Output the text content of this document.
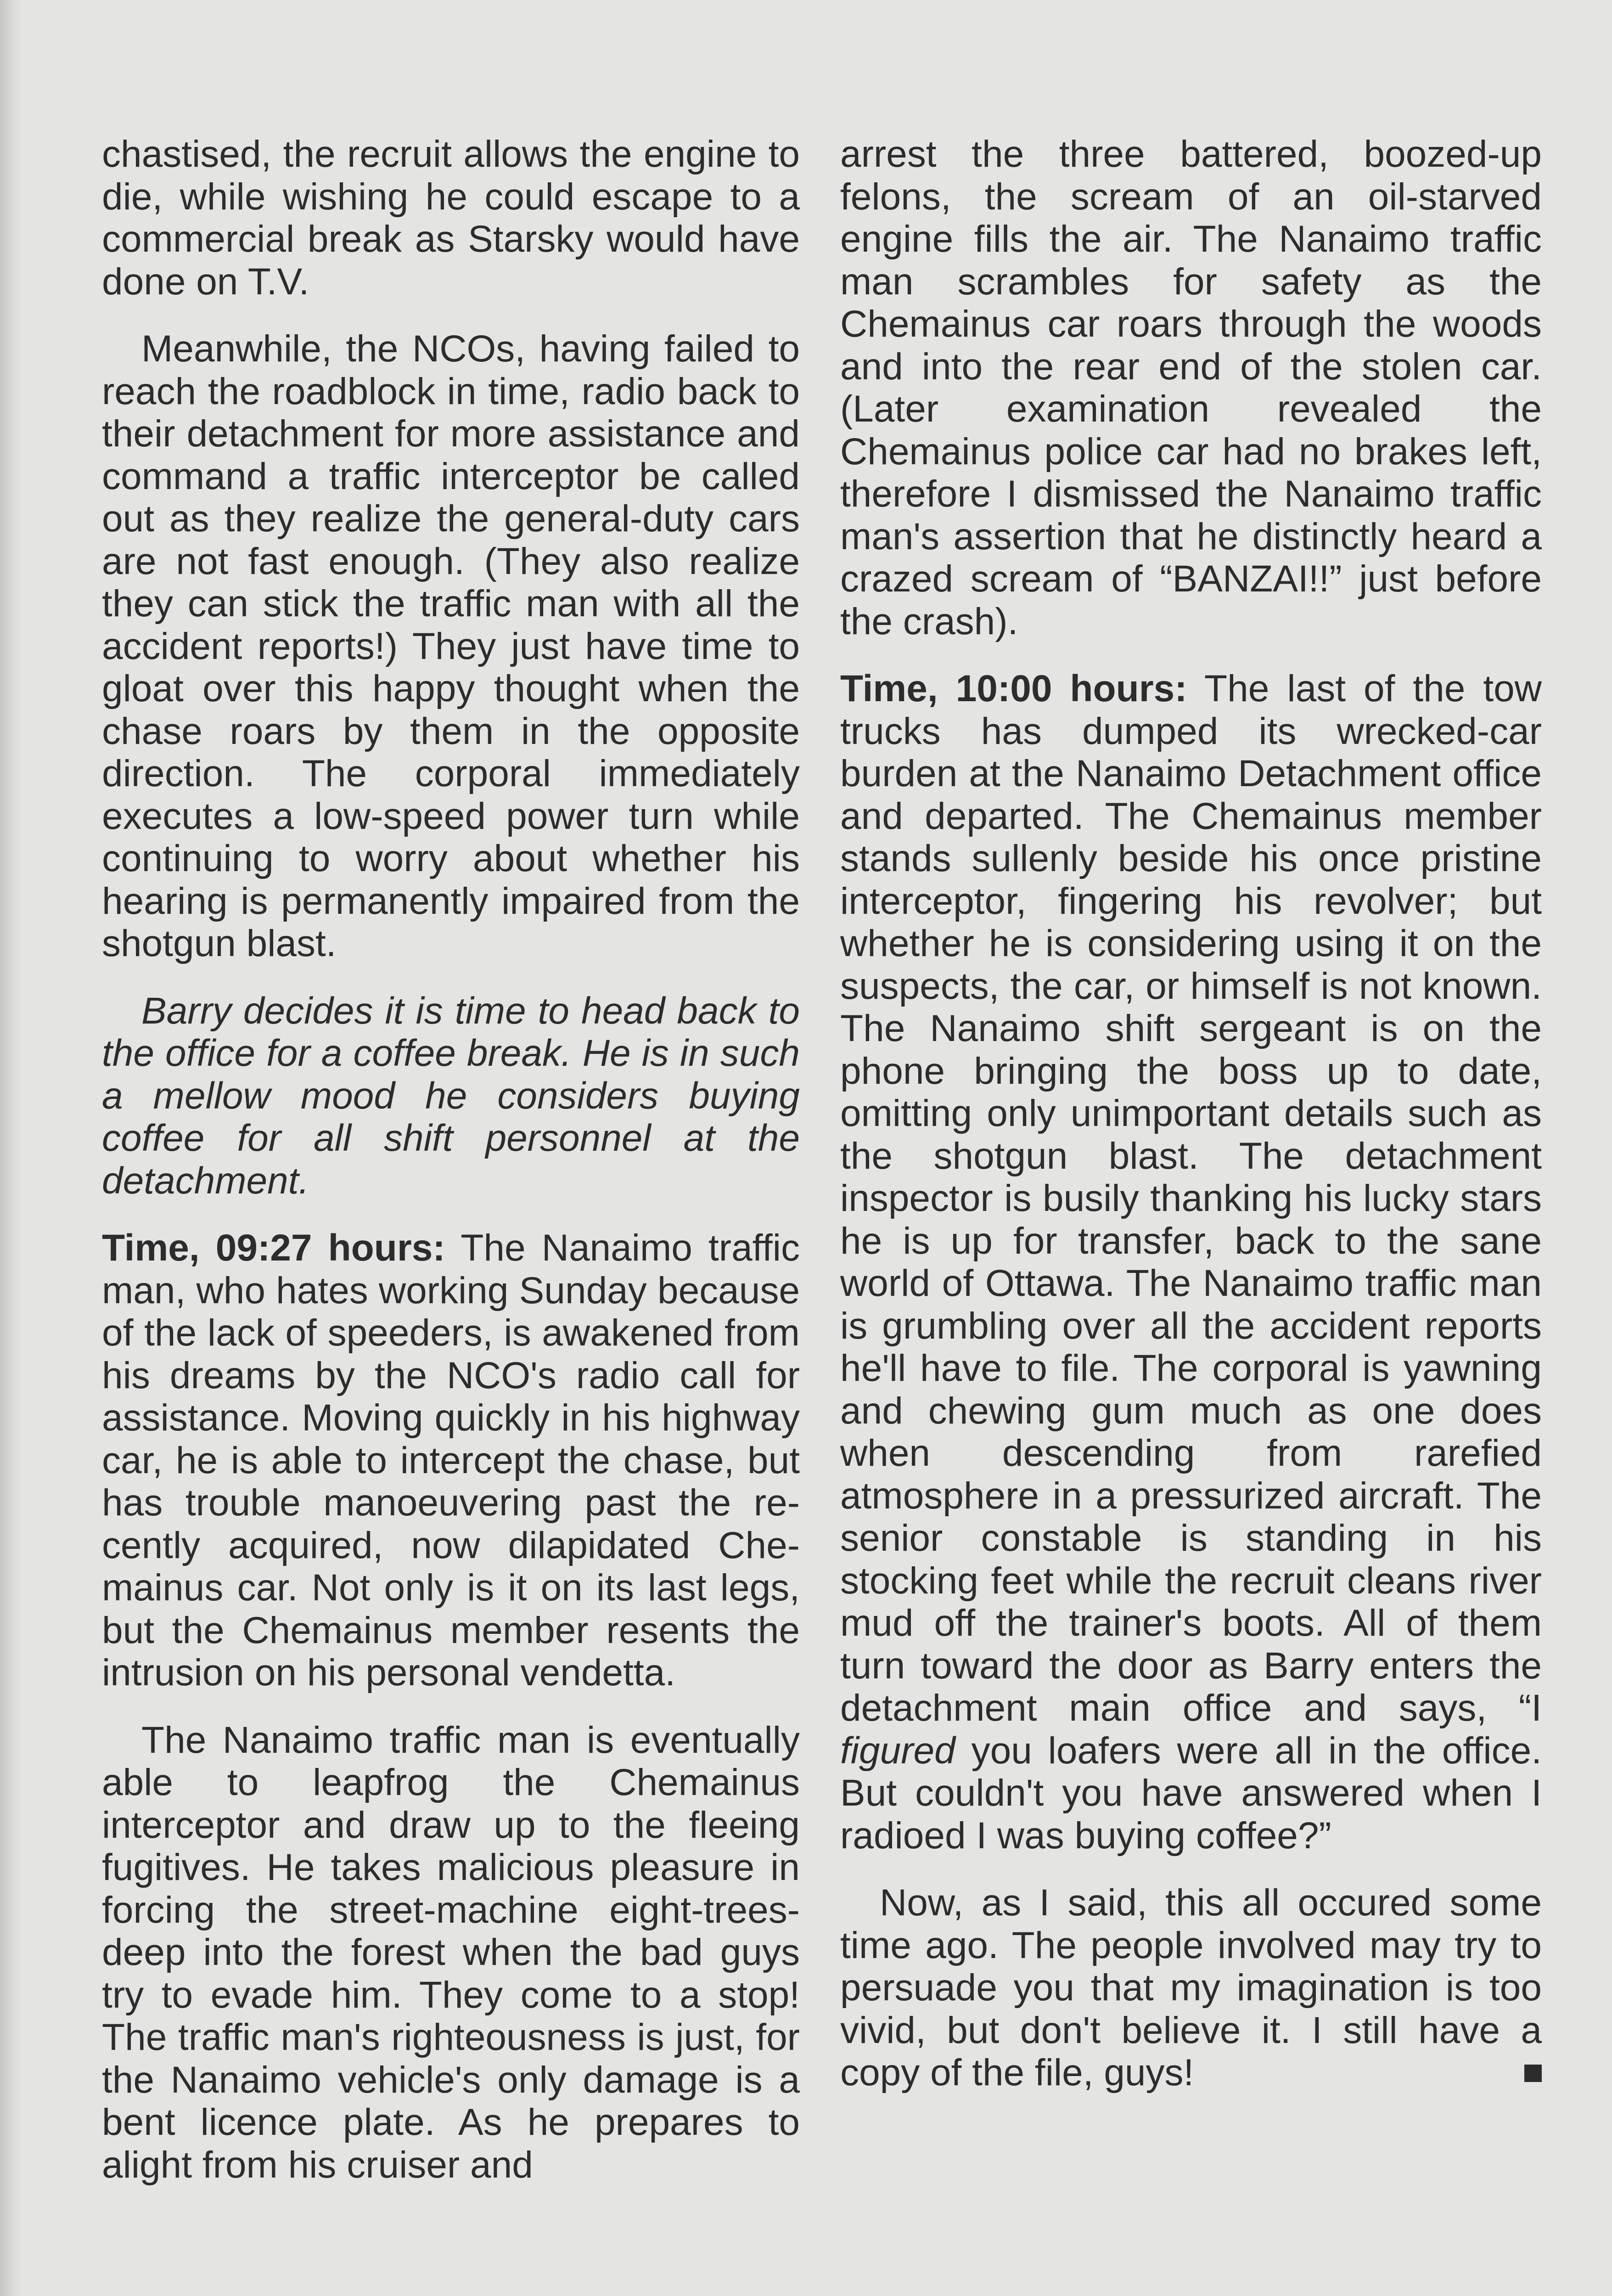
chastised, the recruit allows the engine to die, while wishing he could escape to a commercial break as Starsky would have done on T.V.

Meanwhile, the NCOs, having failed to reach the roadblock in time, radio back to their detachment for more assistance and command a traffic interceptor be called out as they realize the general-duty cars are not fast enough. (They also realize they can stick the traffic man with all the accident reports!) They just have time to gloat over this happy thought when the chase roars by them in the opposite direction. The corporal immediately executes a low-speed power turn while continuing to worry about whether his hearing is permanently impaired from the shotgun blast.

Barry decides it is time to head back to the office for a coffee break. He is in such a mellow mood he considers buying coffee for all shift personnel at the detachment.

Time, 09:27 hours: The Nanaimo traffic man, who hates working Sunday because of the lack of speeders, is awakened from his dreams by the NCO's radio call for assistance. Moving quickly in his highway car, he is able to intercept the chase, but has trouble manoeuvering past the recently acquired, now dilapidated Chemainus car. Not only is it on its last legs, but the Chemainus member resents the intrusion on his personal vendetta.

The Nanaimo traffic man is eventually able to leapfrog the Chemainus interceptor and draw up to the fleeing fugitives. He takes malicious pleasure in forcing the street-machine eight-trees-deep into the forest when the bad guys try to evade him. They come to a stop! The traffic man's righteousness is just, for the Nanaimo vehicle's only damage is a bent licence plate. As he prepares to alight from his cruiser and

arrest the three battered, boozed-up felons, the scream of an oil-starved engine fills the air. The Nanaimo traffic man scrambles for safety as the Chemainus car roars through the woods and into the rear end of the stolen car. (Later examination revealed the Chemainus police car had no brakes left, therefore I dismissed the Nanaimo traffic man's assertion that he distinctly heard a crazed scream of “BANZAI!!” just before the crash).

Time, 10:00 hours: The last of the tow trucks has dumped its wrecked-car burden at the Nanaimo Detachment office and departed. The Chemainus member stands sullenly beside his once pristine interceptor, fingering his revolver; but whether he is considering using it on the suspects, the car, or himself is not known. The Nanaimo shift sergeant is on the phone bringing the boss up to date, omitting only unimportant details such as the shotgun blast. The detachment inspector is busily thanking his lucky stars he is up for transfer, back to the sane world of Ottawa. The Nanaimo traffic man is grumbling over all the accident reports he'll have to file. The corporal is yawning and chewing gum much as one does when descending from rarefied atmosphere in a pressurized aircraft. The senior constable is standing in his stocking feet while the recruit cleans river mud off the trainer's boots. All of them turn toward the door as Barry enters the detachment main office and says, “I figured you loafers were all in the office. But couldn't you have answered when I radioed I was buying coffee?”

Now, as I said, this all occured some time ago. The people involved may try to persuade you that my imagination is too vivid, but don't believe it. I still have a copy of the file, guys!
